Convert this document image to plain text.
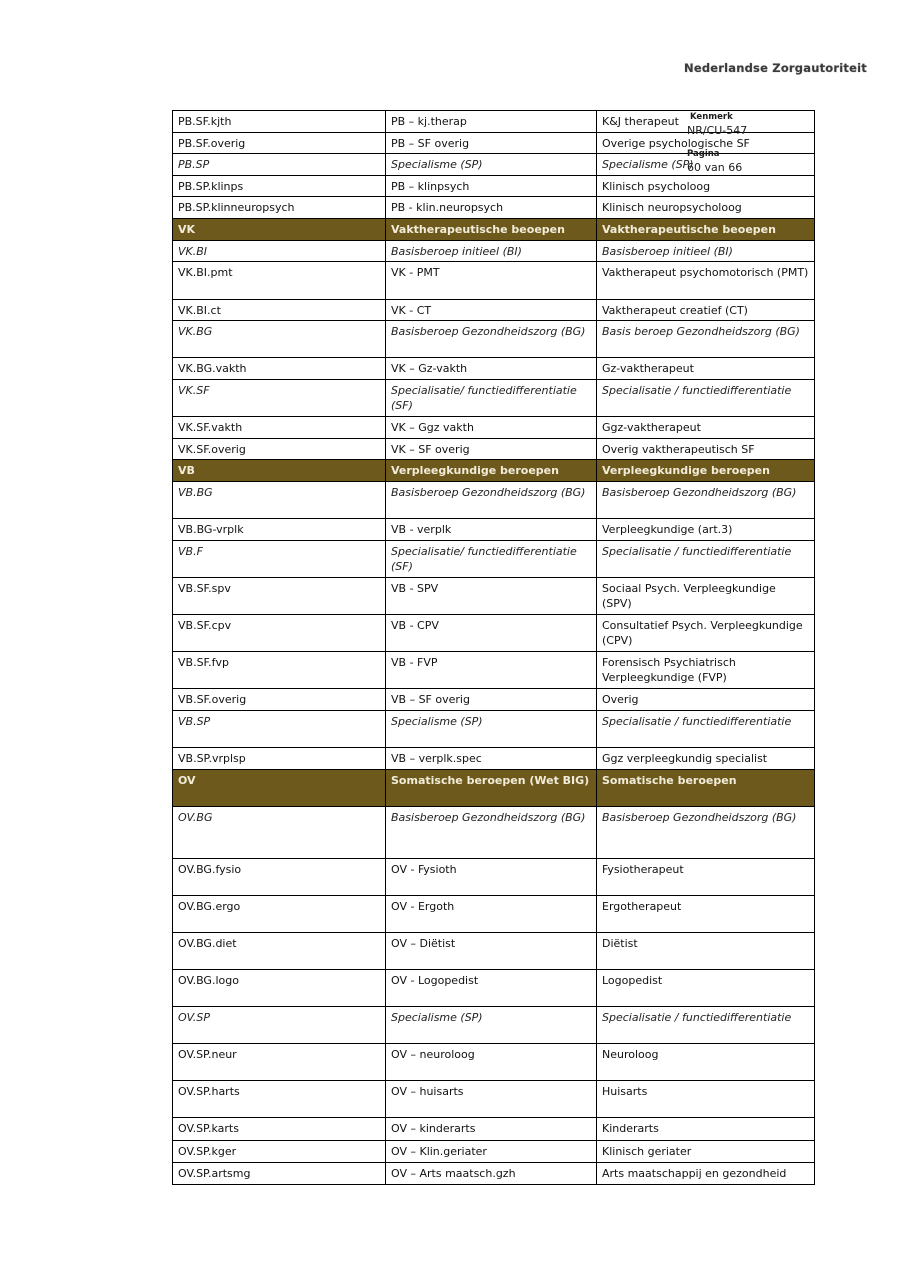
Nederlandse Zorgautoriteit
Kenmerk
NR/CU-547
Pagina
60 van 66
PB.SF.kjth	PB – kj.therap	K&J therapeut
PB.SF.overig	PB – SF overig	Overige psychologische SF
PB.SP	Specialisme (SP)	Specialisme (SP)
PB.SP.klinps	PB – klinpsych	Klinisch psycholoog
PB.SP.klinneuropsych	PB - klin.neuropsych	Klinisch neuropsycholoog
VK	Vaktherapeutische beoepen	Vaktherapeutische beoepen
VK.BI	Basisberoep initieel (BI)	Basisberoep initieel (BI)
VK.BI.pmt	VK - PMT	Vaktherapeut psychomotorisch (PMT)
VK.BI.ct	VK - CT	Vaktherapeut creatief (CT)
VK.BG	Basisberoep Gezondheidszorg (BG)	Basis beroep Gezondheidszorg (BG)
VK.BG.vakth	VK – Gz-vakth	Gz-vaktherapeut
VK.SF	Specialisatie/ functiedifferentiatie (SF)	Specialisatie / functiedifferentiatie
VK.SF.vakth	VK – Ggz vakth	Ggz-vaktherapeut
VK.SF.overig	VK – SF overig	Overig vaktherapeutisch SF
VB	Verpleegkundige beroepen	Verpleegkundige beroepen
VB.BG	Basisberoep Gezondheidszorg (BG)	Basisberoep Gezondheidszorg (BG)
VB.BG-vrplk	VB - verplk	Verpleegkundige (art.3)
VB.F	Specialisatie/ functiedifferentiatie (SF)	Specialisatie / functiedifferentiatie
VB.SF.spv	VB - SPV	Sociaal Psych. Verpleegkundige (SPV)
VB.SF.cpv	VB - CPV	Consultatief Psych. Verpleegkundige (CPV)
VB.SF.fvp	VB - FVP	Forensisch Psychiatrisch Verpleegkundige (FVP)
VB.SF.overig	VB – SF overig	Overig
VB.SP	Specialisme (SP)	Specialisatie / functiedifferentiatie
VB.SP.vrplsp	VB – verplk.spec	Ggz verpleegkundig specialist
OV	Somatische beroepen (Wet BIG)	Somatische beroepen
OV.BG	Basisberoep Gezondheidszorg (BG)	Basisberoep Gezondheidszorg (BG)
OV.BG.fysio	OV - Fysioth	Fysiotherapeut
OV.BG.ergo	OV - Ergoth	Ergotherapeut
OV.BG.diet	OV – Diëtist	Diëtist
OV.BG.logo	OV - Logopedist	Logopedist
OV.SP	Specialisme (SP)	Specialisatie / functiedifferentiatie
OV.SP.neur	OV – neuroloog	Neuroloog
OV.SP.harts	OV – huisarts	Huisarts
OV.SP.karts	OV – kinderarts	Kinderarts
OV.SP.kger	OV – Klin.geriater	Klinisch geriater
OV.SP.artsmg	OV – Arts maatsch.gzh	Arts maatschappij en gezondheid
